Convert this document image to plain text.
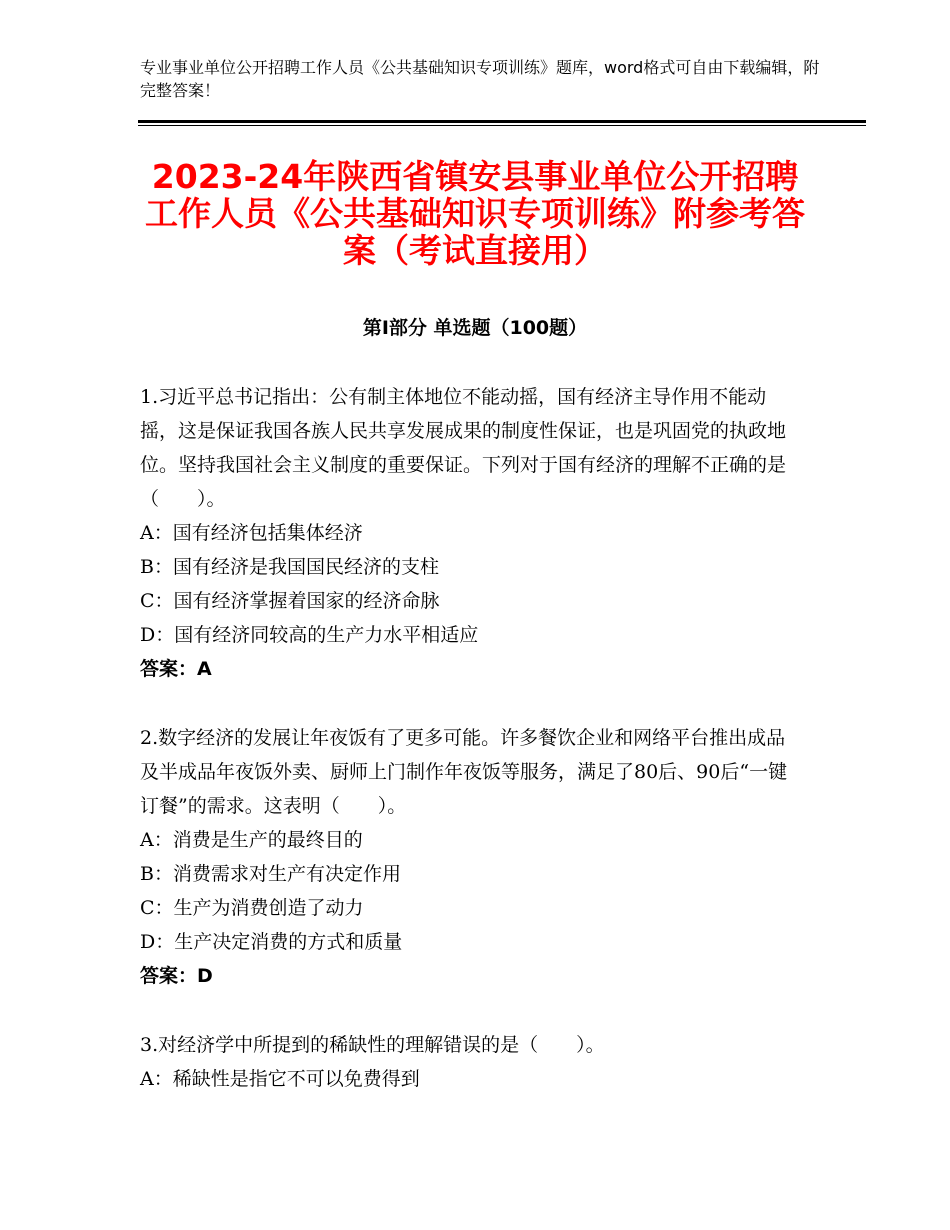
专业事业单位公开招聘工作人员《公共基础知识专项训练》题库，word格式可自由下载编辑，附完整答案！
2023-24年陕西省镇安县事业单位公开招聘工作人员《公共基础知识专项训练》附参考答案（考试直接用）
第Ⅰ部分 单选题（100题）

1.习近平总书记指出：公有制主体地位不能动摇，国有经济主导作用不能动摇，这是保证我国各族人民共享发展成果的制度性保证，也是巩固党的执政地位。坚持我国社会主义制度的重要保证。下列对于国有经济的理解不正确的是（　　）。

A：国有经济包括集体经济

B：国有经济是我国国民经济的支柱

C：国有经济掌握着国家的经济命脉

D：国有经济同较高的生产力水平相适应

答案：A

2.数字经济的发展让年夜饭有了更多可能。许多餐饮企业和网络平台推出成品及半成品年夜饭外卖、厨师上门制作年夜饭等服务，满足了80后、90后“一键订餐”的需求。这表明（　　）。

A：消费是生产的最终目的

B：消费需求对生产有决定作用

C：生产为消费创造了动力

D：生产决定消费的方式和质量

答案：D

3.对经济学中所提到的稀缺性的理解错误的是（　　）。

A：稀缺性是指它不可以免费得到
